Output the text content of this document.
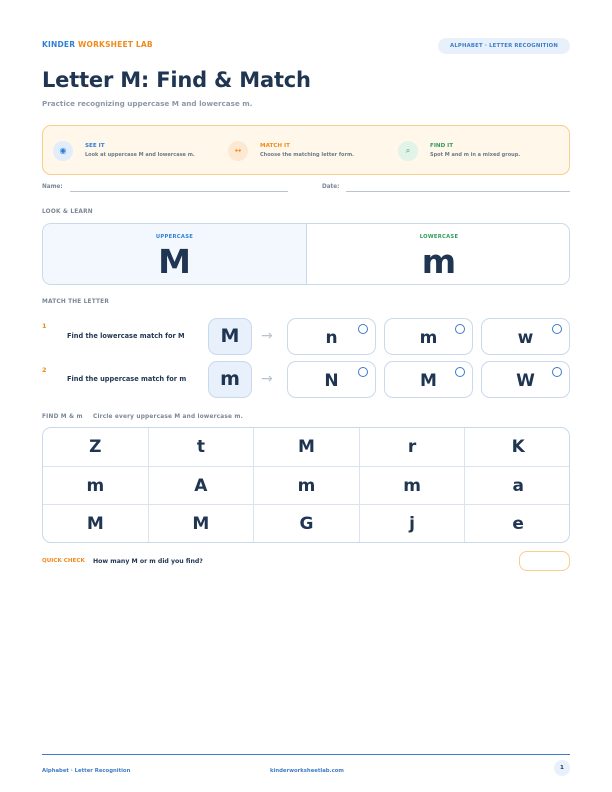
KINDER WORKSHEET LAB	ALPHABET · LETTER RECOGNITION
Letter M: Find & Match
Practice recognizing uppercase M and lowercase m.
◉	SEE IT
Look at uppercase M and lowercase m.	↔	MATCH IT
Choose the matching letter form.	⌕	FIND IT
Spot M and m in a mixed group.
Name:	Date:
LOOK & LEARN
UPPERCASE
M
LOWERCASE
m
MATCH THE LETTER
1
Find the lowercase match for M	M	→	n	m	w
2
Find the uppercase match for m	m	→	N	M	W
FIND M & m Circle every uppercase M and lowercase m.
Z	t	M	r	K
m	A	m	m	a
M	M	G	j	e
QUICK CHECK How many M or m did you find?
Alphabet · Letter Recognition	kinderworksheetlab.com	1
